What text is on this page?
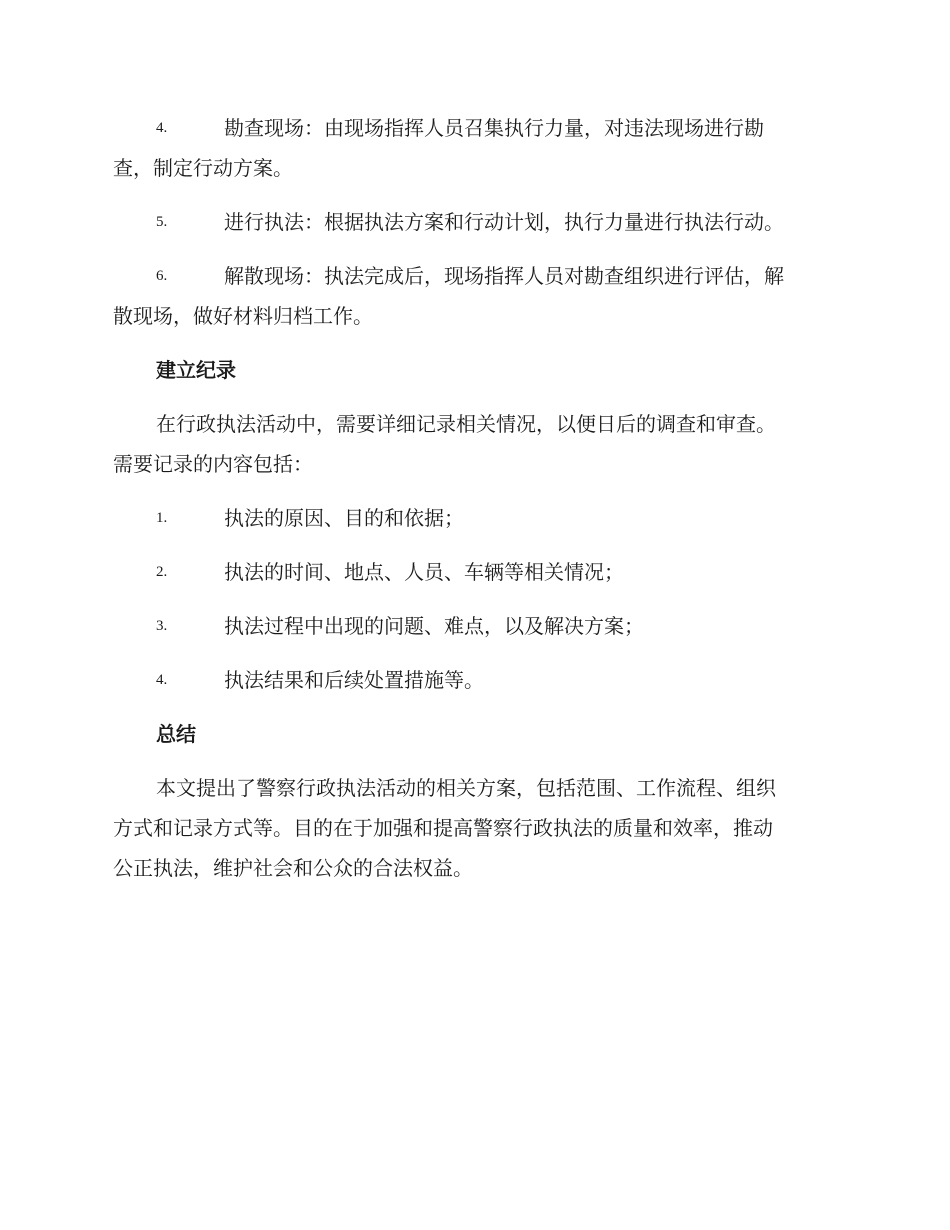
4.	勘查现场：由现场指挥人员召集执行力量，对违法现场进行勘
查，制定行动方案。
5.	进行执法：根据执法方案和行动计划，执行力量进行执法行动。
6.	解散现场：执法完成后，现场指挥人员对勘查组织进行评估，解
散现场，做好材料归档工作。
建立纪录
在行政执法活动中，需要详细记录相关情况，以便日后的调查和审查。
需要记录的内容包括：
1.	执法的原因、目的和依据；
2.	执法的时间、地点、人员、车辆等相关情况；
3.	执法过程中出现的问题、难点，以及解决方案；
4.	执法结果和后续处置措施等。
总结
本文提出了警察行政执法活动的相关方案，包括范围、工作流程、组织
方式和记录方式等。目的在于加强和提高警察行政执法的质量和效率，推动
公正执法，维护社会和公众的合法权益。
